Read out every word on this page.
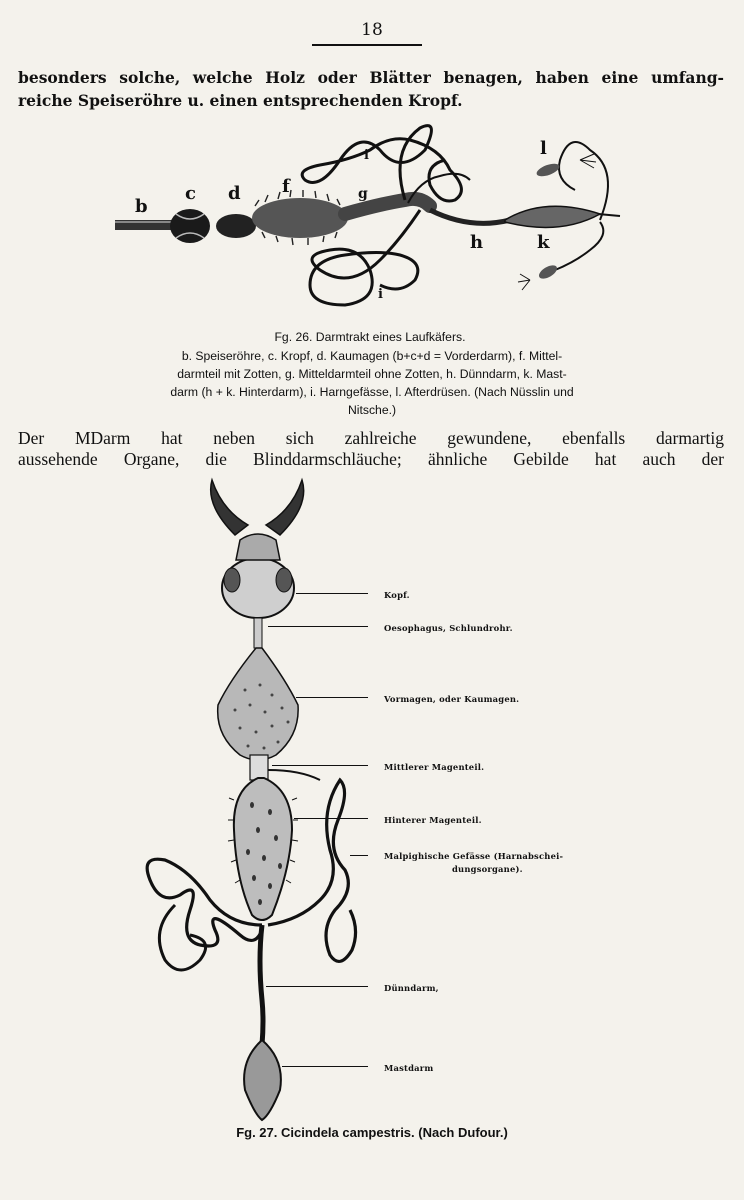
18
besonders solche, welche Holz oder Blätter benagen, haben eine umfang-
reiche Speiseröhre u. einen entsprechenden Kropf.
b
c d f	g
i
i
h	k
l
Fg. 26. Darmtrakt eines Laufkäfers.
b. Speiseröhre, c. Kropf, d. Kaumagen (b+c+d = Vorderdarm), f. Mittel-
darmteil mit Zotten, g. Mitteldarmteil ohne Zotten, h. Dünndarm, k. Mast-
darm (h + k. Hinterdarm), i. Harngefässe, l. Afterdrüsen. (Nach Nüsslin und
Nitsche.)
Der MDarm hat neben sich zahlreiche gewundene, ebenfalls darmartig
aussehende Organe, die Blinddarmschläuche; ähnliche Gebilde hat auch der
Kopf.
Oesophagus, Schlundrohr.
Vormagen, oder Kaumagen.
Mittlerer Magenteil.
Hinterer Magenteil.
Malpighische Gefässe (Harnabschei-
dungsorgane).
Dünndarm,
Mastdarm
Fg. 27. Cicindela campestris. (Nach Dufour.)
